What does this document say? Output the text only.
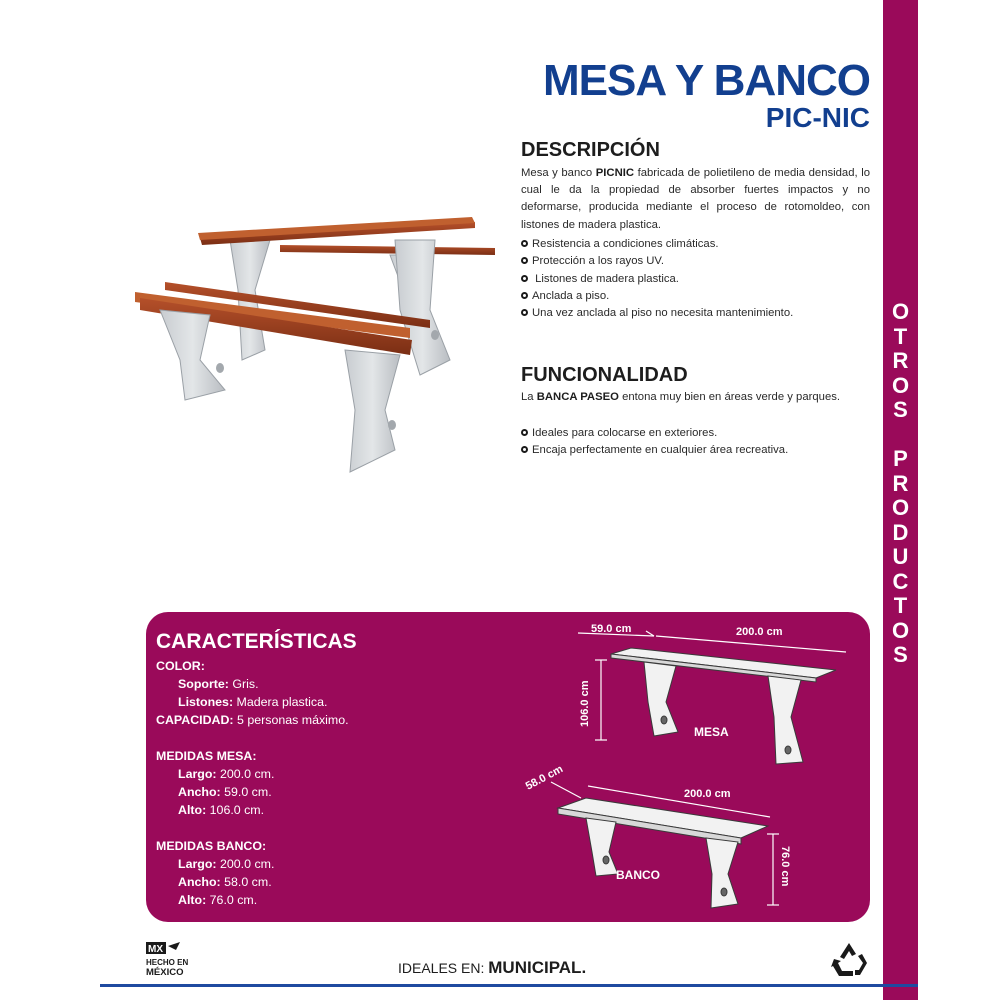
O
T
R
O
S

P
R
O
D
U
C
T
O
S
MESA Y BANCO
PIC-NIC
DESCRIPCIÓN

Mesa y banco PICNIC fabricada de polietileno de media densidad, lo cual le da la propiedad de absorber fuertes impactos y no deformarse, producida mediante el proceso de rotomoldeo, con listones de madera plastica.

Resistencia a condiciones climáticas.
Protección a los rayos UV.
Listones de madera plastica.
Anclada a piso.
Una vez anclada al piso no necesita mantenimiento.
FUNCIONALIDAD

La BANCA PASEO entona muy bien en áreas verde y parques.

Ideales para colocarse en exteriores.
Encaja perfectamente en cualquier área recreativa.
CARACTERÍSTICAS
COLOR:
Soporte: Gris.
Listones: Madera plastica.
CAPACIDAD: 5 personas máximo.
MEDIDAS MESA:
Largo: 200.0 cm.
Ancho: 59.0 cm.
Alto: 106.0 cm.
MEDIDAS BANCO:
Largo: 200.0 cm.
Ancho: 58.0 cm.
Alto: 76.0 cm.
59.0 cm	200.0 cm
106.0 cm
MESA
58.0 cm
200.0 cm
76.0 cm
BANCO
MX
HECHO EN
MÉXICO	IDEALES EN: MUNICIPAL.
